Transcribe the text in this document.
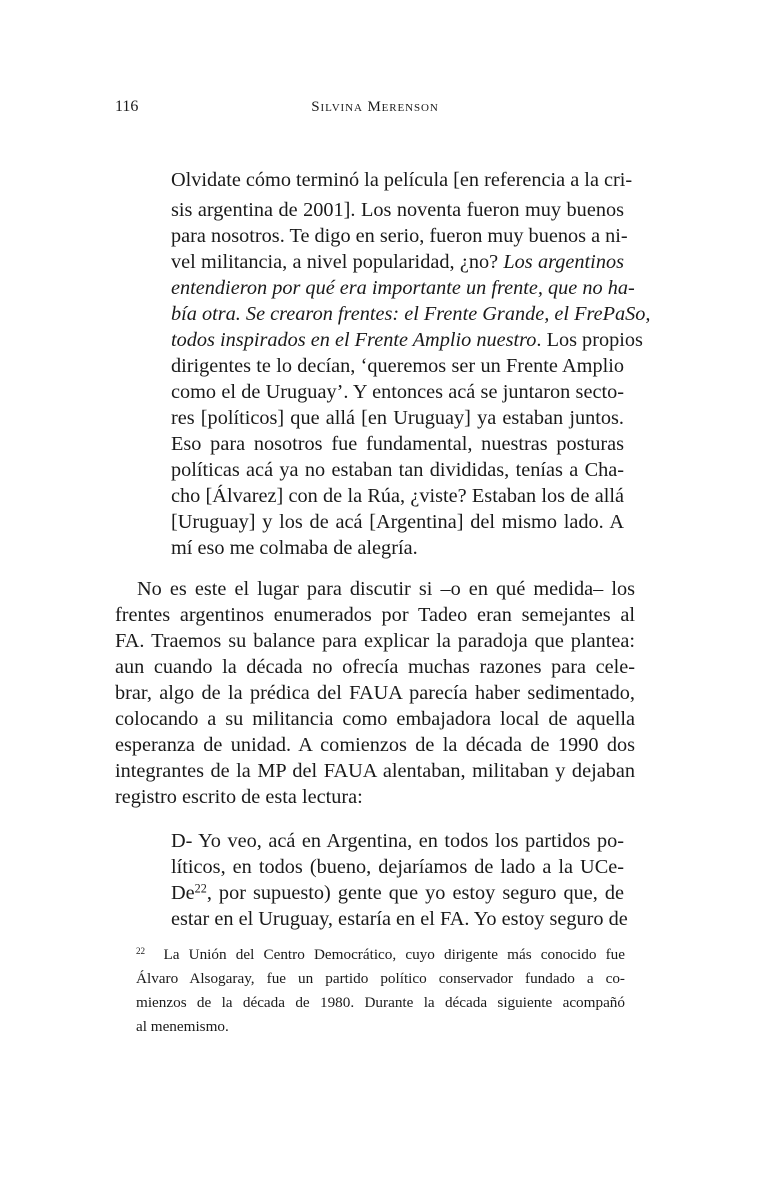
116	Silvina Merenson
Olvidate cómo terminó la película [en referencia a la cri-
sis argentina de 2001]. Los noventa fueron muy buenos
para nosotros. Te digo en serio, fueron muy buenos a ni-
vel militancia, a nivel popularidad, ¿no? Los argentinos
entendieron por qué era importante un frente, que no ha-
bía otra. Se crearon frentes: el Frente Grande, el FrePaSo,
todos inspirados en el Frente Amplio nuestro. Los propios
dirigentes te lo decían, ‘queremos ser un Frente Amplio
como el de Uruguay’. Y entonces acá se juntaron secto-
res [políticos] que allá [en Uruguay] ya estaban juntos.
Eso para nosotros fue fundamental, nuestras posturas
políticas acá ya no estaban tan divididas, tenías a Cha-
cho [Álvarez] con de la Rúa, ¿viste? Estaban los de allá
[Uruguay] y los de acá [Argentina] del mismo lado. A
mí eso me colmaba de alegría.
No es este el lugar para discutir si –o en qué medida– los
frentes argentinos enumerados por Tadeo eran semejantes al
FA. Traemos su balance para explicar la paradoja que plantea:
aun cuando la década no ofrecía muchas razones para cele-
brar, algo de la prédica del FAUA parecía haber sedimentado,
colocando a su militancia como embajadora local de aquella
esperanza de unidad. A comienzos de la década de 1990 dos
integrantes de la MP del FAUA alentaban, militaban y dejaban
registro escrito de esta lectura:
D- Yo veo, acá en Argentina, en todos los partidos po-
líticos, en todos (bueno, dejaríamos de lado a la UCe-
De$^{22}$, por supuesto) gente que yo estoy seguro que, de
estar en el Uruguay, estaría en el FA. Yo estoy seguro de
$^{22}$ La Unión del Centro Democrático, cuyo dirigente más conocido fue
Álvaro Alsogaray, fue un partido político conservador fundado a co-
mienzos de la década de 1980. Durante la década siguiente acompañó
al menemismo.
